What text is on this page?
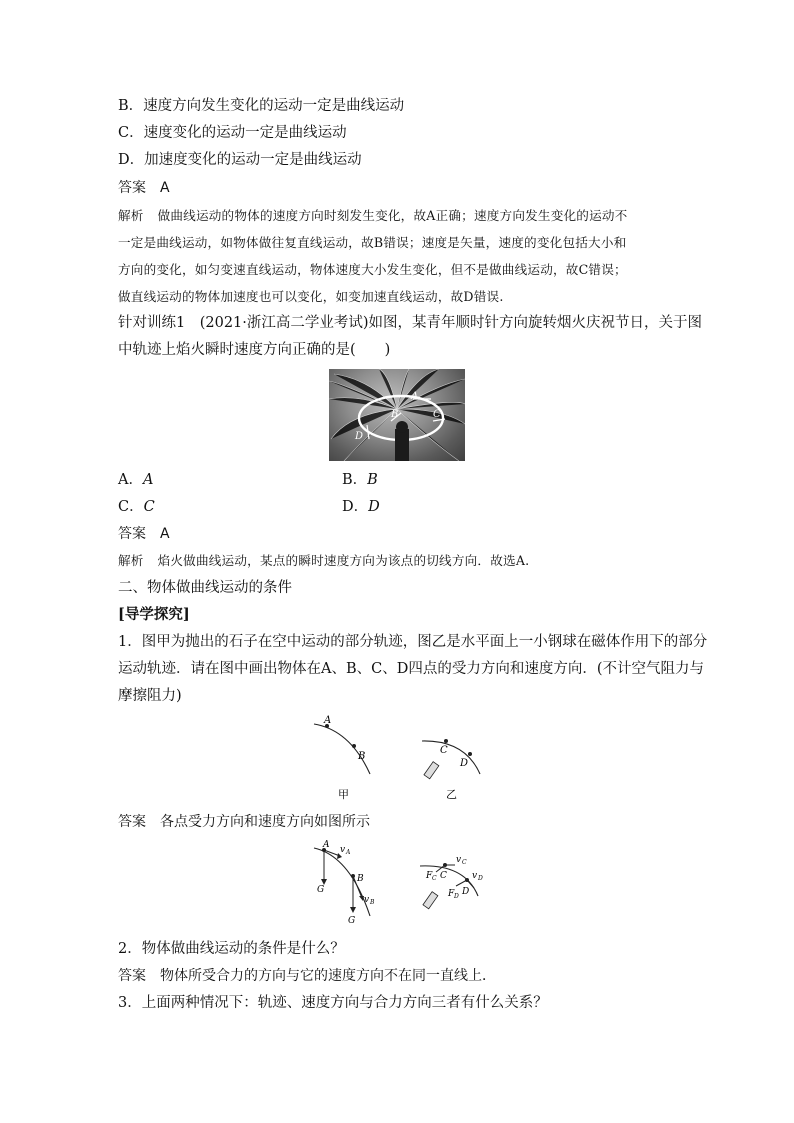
B．速度方向发生变化的运动一定是曲线运动
C．速度变化的运动一定是曲线运动
D．加速度变化的运动一定是曲线运动
答案 A
解析 做曲线运动的物体的速度方向时刻发生变化，故A正确；速度方向发生变化的运动不
一定是曲线运动，如物体做往复直线运动，故B错误；速度是矢量，速度的变化包括大小和
方向的变化，如匀变速直线运动，物体速度大小发生变化，但不是做曲线运动，故C错误；
做直线运动的物体加速度也可以变化，如变加速直线运动，故D错误.
针对训练1　(2021·浙江高二学业考试)如图，某青年顺时针方向旋转烟火庆祝节日，关于图
中轨迹上焰火瞬时速度方向正确的是(　　)
A
B	C
D
A．A	B．B
C．C	D．D
答案 A
解析 焰火做曲线运动，某点的瞬时速度方向为该点的切线方向．故选A.
二、物体做曲线运动的条件
[导学探究]
1．图甲为抛出的石子在空中运动的部分轨迹，图乙是水平面上一小钢球在磁体作用下的部分
运动轨迹．请在图中画出物体在A、B、C、D四点的受力方向和速度方向．(不计空气阻力与
摩擦阻力)
A
B
甲
C
D
乙
答案 各点受力方向和速度方向如图所示
A v A
G
B
G
v B
v C
C
F C	v D
F D D
2．物体做曲线运动的条件是什么？
答案 物体所受合力的方向与它的速度方向不在同一直线上．
3．上面两种情况下：轨迹、速度方向与合力方向三者有什么关系？
